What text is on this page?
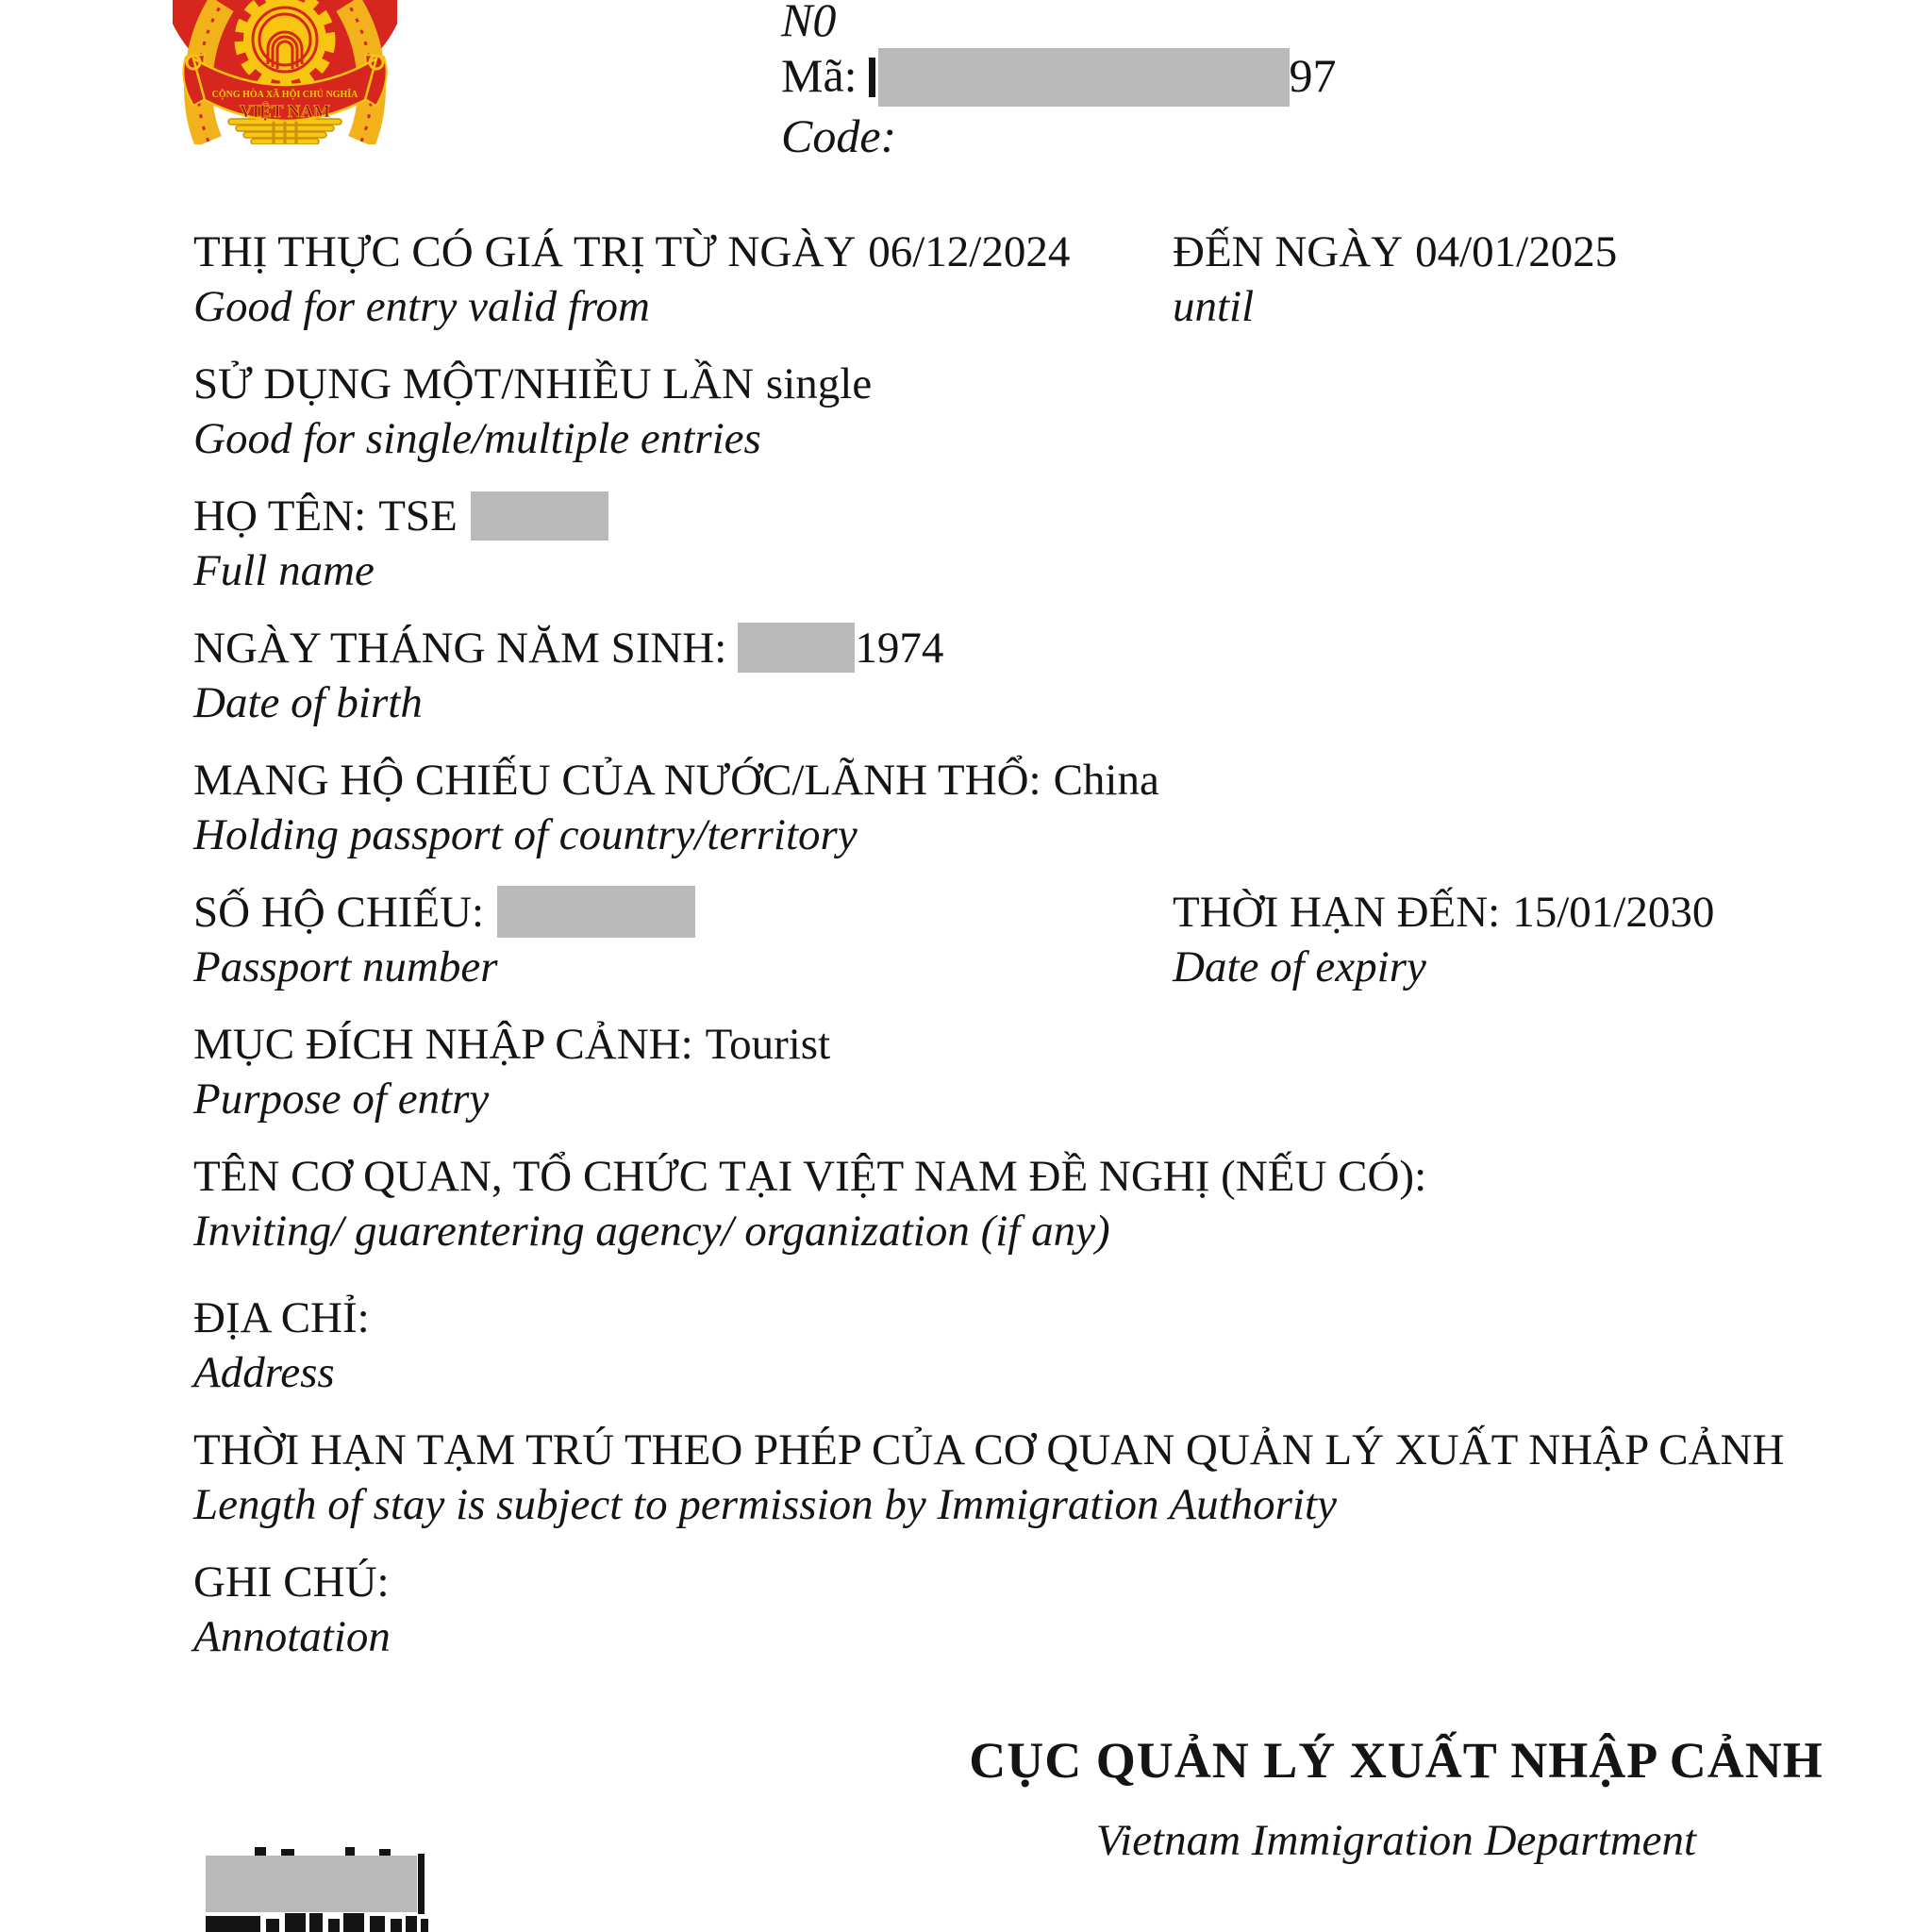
CỘNG HÒA XÃ HỘI CHỦ NGHĨA
VIỆT NAM
N0
Mã:	97
Code:
THỊ THỰC CÓ GIÁ TRỊ TỪ NGÀY 06/12/2024
Good for entry valid from
ĐẾN NGÀY 04/01/2025
until
SỬ DỤNG MỘT/NHIỀU LẦN single
Good for single/multiple entries
HỌ TÊN: TSE
Full name
NGÀY THÁNG NĂM SINH:	1974
Date of birth
MANG HỘ CHIẾU CỦA NƯỚC/LÃNH THỔ: China
Holding passport of country/territory
SỐ HỘ CHIẾU:
Passport number
THỜI HẠN ĐẾN: 15/01/2030
Date of expiry
MỤC ĐÍCH NHẬP CẢNH: Tourist
Purpose of entry
TÊN CƠ QUAN, TỔ CHỨC TẠI VIỆT NAM ĐỀ NGHỊ (NẾU CÓ):
Inviting/ guarentering agency/ organization (if any)
ĐỊA CHỈ:
Address
THỜI HẠN TẠM TRÚ THEO PHÉP CỦA CƠ QUAN QUẢN LÝ XUẤT NHẬP CẢNH
Length of stay is subject to permission by Immigration Authority
GHI CHÚ:
Annotation
CỤC QUẢN LÝ XUẤT NHẬP CẢNH
Vietnam Immigration Department
